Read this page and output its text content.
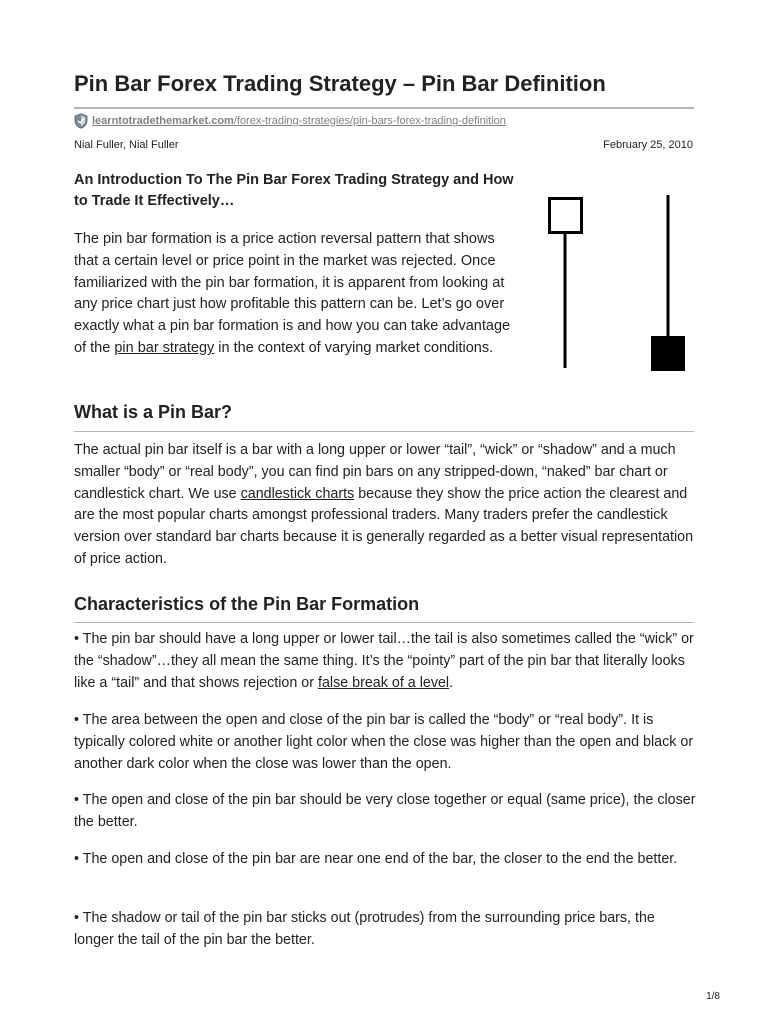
Pin Bar Forex Trading Strategy – Pin Bar Definition
learntotradethemarket.com/forex-trading-strategies/pin-bars-forex-trading-definition
Nial Fuller, Nial Fuller	February 25, 2010

An Introduction To The Pin Bar Forex Trading Strategy and How to Trade It Effectively…

The pin bar formation is a price action reversal pattern that shows that a certain level or price point in the market was rejected. Once familiarized with the pin bar formation, it is apparent from looking at any price chart just how profitable this pattern can be. Let’s go over exactly what a pin bar formation is and how you can take advantage of the pin bar strategy in the context of varying market conditions.

What is a Pin Bar?

The actual pin bar itself is a bar with a long upper or lower “tail”, “wick” or “shadow” and a much smaller “body” or “real body”, you can find pin bars on any stripped-down, “naked” bar chart or candlestick chart. We use candlestick charts because they show the price action the clearest and are the most popular charts amongst professional traders. Many traders prefer the candlestick version over standard bar charts because it is generally regarded as a better visual representation of price action.

Characteristics of the Pin Bar Formation

• The pin bar should have a long upper or lower tail…the tail is also sometimes called the “wick” or the “shadow”…they all mean the same thing. It’s the “pointy” part of the pin bar that literally looks like a “tail” and that shows rejection or false break of a level.

• The area between the open and close of the pin bar is called the “body” or “real body”. It is typically colored white or another light color when the close was higher than the open and black or another dark color when the close was lower than the open.

• The open and close of the pin bar should be very close together or equal (same price), the closer the better.

• The open and close of the pin bar are near one end of the bar, the closer to the end the better.

• The shadow or tail of the pin bar sticks out (protrudes) from the surrounding price bars, the longer the tail of the pin bar the better.

1/8
